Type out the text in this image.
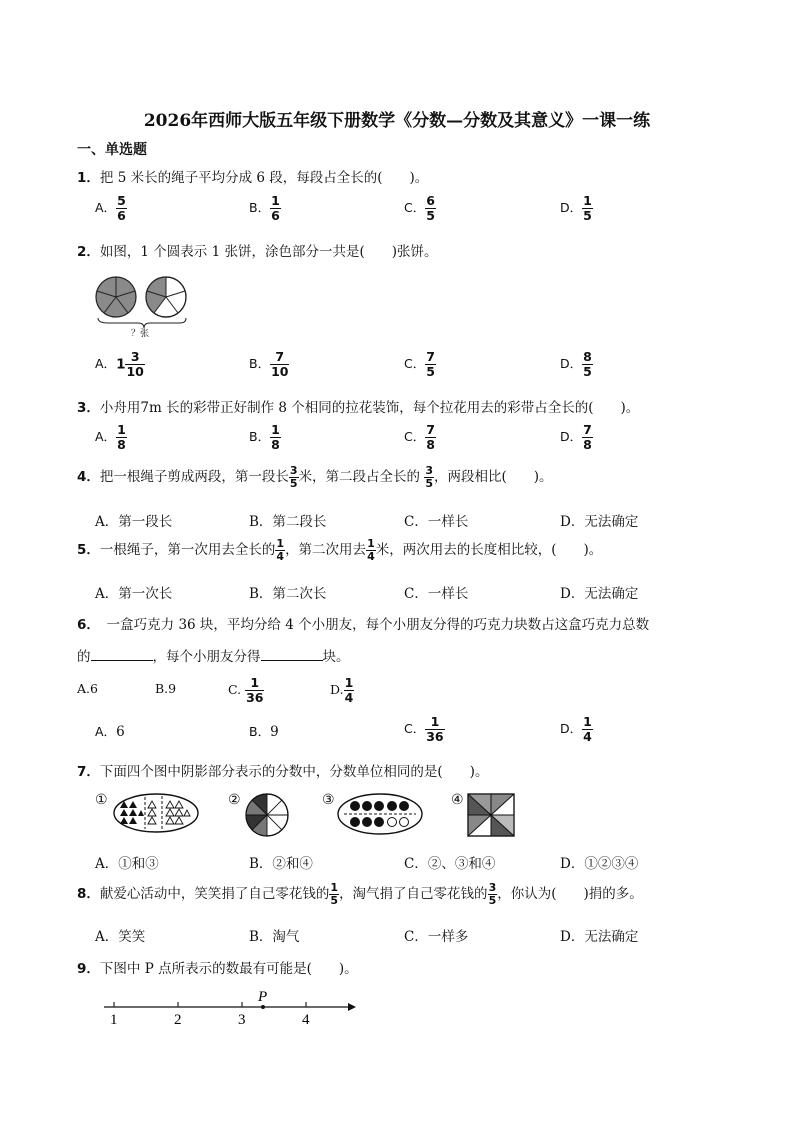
2026年西师大版五年级下册数学《分数—分数及其意义》一课一练
一、单选题
1．把 5 米长的绳子平均分成 6 段，每段占全长的(　　)。
A． $\frac{5}{6}$	B． $\frac{1}{6}$	C． $\frac{6}{5}$	D． $\frac{1}{5}$
2．如图，1 个圆表示 1 张饼，涂色部分一共是(　　)张饼。
？张
A．$1 \frac{3}{10}$	B． $\frac{7}{10}$	C． $\frac{7}{5}$	D． $\frac{8}{5}$
3．小舟用7m 长的彩带正好制作 8 个相同的拉花装饰，每个拉花用去的彩带占全长的(　　)。
A． $\frac{1}{8}$	B． $\frac{1}{8}$	C． $\frac{7}{8}$	D． $\frac{7}{8}$
4．把一根绳子剪成两段，第一段长 $\frac{3}{5}$ 米，第二段占全长的 $\frac{3}{5}$ ，两段相比(　　)。
A．第一段长	B．第二段长	C．一样长	D．无法确定
5．一根绳子，第一次用去全长的 $\frac{1}{4}$ ，第二次用去 $\frac{1}{4}$ 米，两次用去的长度相比较，(　　)。
A．第一次长	B．第二次长	C．一样长	D．无法确定
6．　一盒巧克力 36 块，平均分给 4 个小朋友，每个小朋友分得的巧克力块数占这盒巧克力总数
的	，每个小朋友分得	块。
A.6	B.9	C. $\frac{1}{36}$	D. $\frac{1}{4}$
A．6	B．9	C． $\frac{1}{36}$	D． $\frac{1}{4}$
7．下面四个图中阴影部分表示的分数中，分数单位相同的是(　　)。
①	②	③	④
A．①和③	B．②和④	C．②、③和④	D．①②③④
8．献爱心活动中，笑笑捐了自己零花钱的 $\frac{1}{5}$ ，淘气捐了自己零花钱的 $\frac{3}{5}$ ，你认为(　　)捐的多。
A．笑笑	B．淘气	C．一样多	D．无法确定
9．下图中 P 点所表示的数最有可能是(　　)。
P
1	2	3	4
